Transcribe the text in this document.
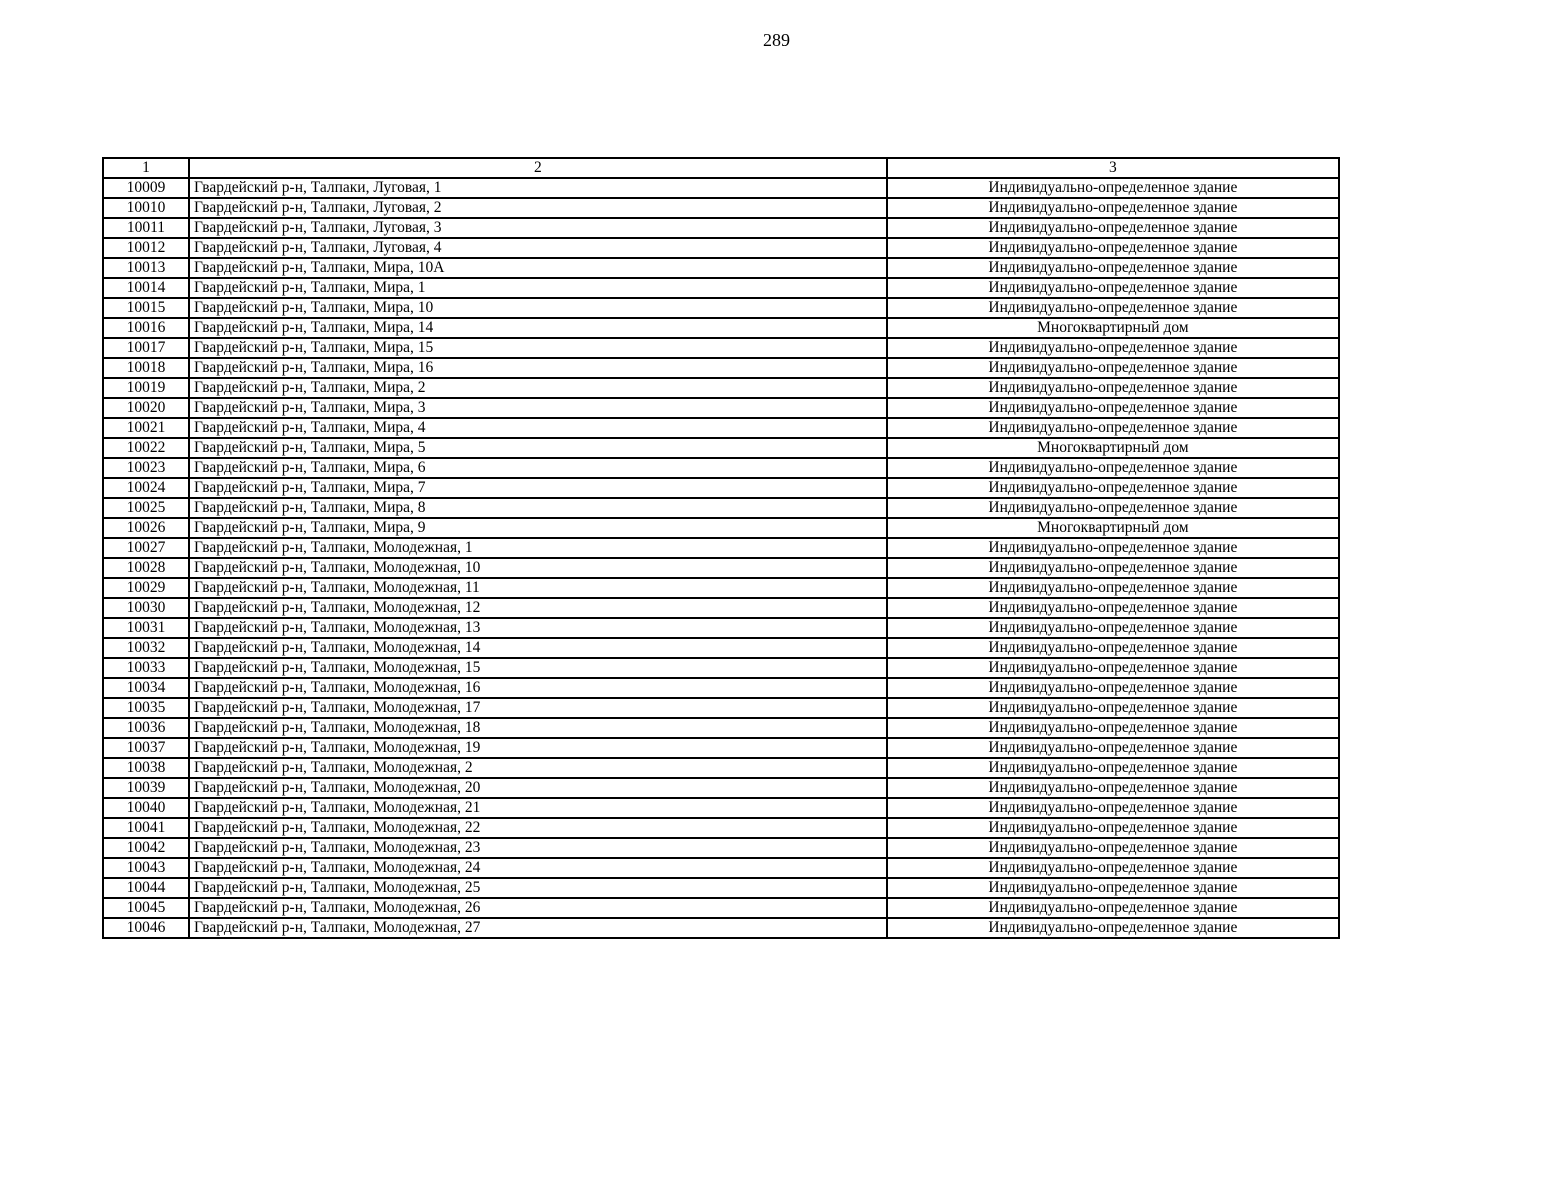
289
1	2	3
10009	Гвардейский р-н, Талпаки, Луговая, 1	Индивидуально-определенное здание
10010	Гвардейский р-н, Талпаки, Луговая, 2	Индивидуально-определенное здание
10011	Гвардейский р-н, Талпаки, Луговая, 3	Индивидуально-определенное здание
10012	Гвардейский р-н, Талпаки, Луговая, 4	Индивидуально-определенное здание
10013	Гвардейский р-н, Талпаки, Мира, 10А	Индивидуально-определенное здание
10014	Гвардейский р-н, Талпаки, Мира, 1	Индивидуально-определенное здание
10015	Гвардейский р-н, Талпаки, Мира, 10	Индивидуально-определенное здание
10016	Гвардейский р-н, Талпаки, Мира, 14	Многоквартирный дом
10017	Гвардейский р-н, Талпаки, Мира, 15	Индивидуально-определенное здание
10018	Гвардейский р-н, Талпаки, Мира, 16	Индивидуально-определенное здание
10019	Гвардейский р-н, Талпаки, Мира, 2	Индивидуально-определенное здание
10020	Гвардейский р-н, Талпаки, Мира, 3	Индивидуально-определенное здание
10021	Гвардейский р-н, Талпаки, Мира, 4	Индивидуально-определенное здание
10022	Гвардейский р-н, Талпаки, Мира, 5	Многоквартирный дом
10023	Гвардейский р-н, Талпаки, Мира, 6	Индивидуально-определенное здание
10024	Гвардейский р-н, Талпаки, Мира, 7	Индивидуально-определенное здание
10025	Гвардейский р-н, Талпаки, Мира, 8	Индивидуально-определенное здание
10026	Гвардейский р-н, Талпаки, Мира, 9	Многоквартирный дом
10027	Гвардейский р-н, Талпаки, Молодежная, 1	Индивидуально-определенное здание
10028	Гвардейский р-н, Талпаки, Молодежная, 10	Индивидуально-определенное здание
10029	Гвардейский р-н, Талпаки, Молодежная, 11	Индивидуально-определенное здание
10030	Гвардейский р-н, Талпаки, Молодежная, 12	Индивидуально-определенное здание
10031	Гвардейский р-н, Талпаки, Молодежная, 13	Индивидуально-определенное здание
10032	Гвардейский р-н, Талпаки, Молодежная, 14	Индивидуально-определенное здание
10033	Гвардейский р-н, Талпаки, Молодежная, 15	Индивидуально-определенное здание
10034	Гвардейский р-н, Талпаки, Молодежная, 16	Индивидуально-определенное здание
10035	Гвардейский р-н, Талпаки, Молодежная, 17	Индивидуально-определенное здание
10036	Гвардейский р-н, Талпаки, Молодежная, 18	Индивидуально-определенное здание
10037	Гвардейский р-н, Талпаки, Молодежная, 19	Индивидуально-определенное здание
10038	Гвардейский р-н, Талпаки, Молодежная, 2	Индивидуально-определенное здание
10039	Гвардейский р-н, Талпаки, Молодежная, 20	Индивидуально-определенное здание
10040	Гвардейский р-н, Талпаки, Молодежная, 21	Индивидуально-определенное здание
10041	Гвардейский р-н, Талпаки, Молодежная, 22	Индивидуально-определенное здание
10042	Гвардейский р-н, Талпаки, Молодежная, 23	Индивидуально-определенное здание
10043	Гвардейский р-н, Талпаки, Молодежная, 24	Индивидуально-определенное здание
10044	Гвардейский р-н, Талпаки, Молодежная, 25	Индивидуально-определенное здание
10045	Гвардейский р-н, Талпаки, Молодежная, 26	Индивидуально-определенное здание
10046	Гвардейский р-н, Талпаки, Молодежная, 27	Индивидуально-определенное здание
